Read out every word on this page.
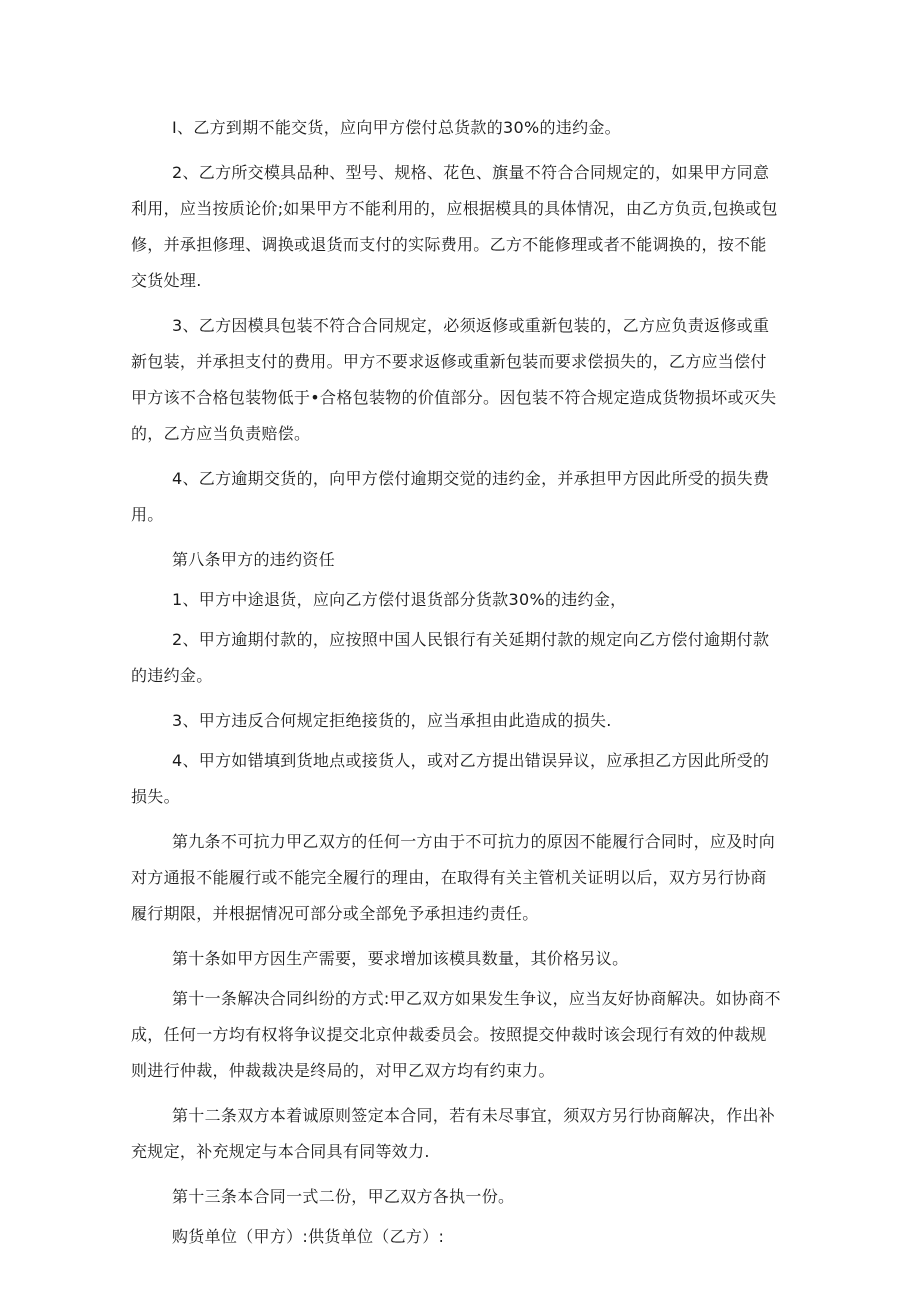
I、乙方到期不能交货，应向甲方偿付总货款的30%的违约金。

2、乙方所交模具品种、型号、规格、花色、旗量不符合合同规定的，如果甲方同意利用，应当按质论价;如果甲方不能利用的，应根据模具的具体情况，由乙方负贡,包换或包修，并承担修理、调换或退货而支付的实际费用。乙方不能修理或者不能调换的，按不能交货处理.

3、乙方因模具包装不符合合同规定，必须返修或重新包装的，乙方应负责返修或重新包装，并承担支付的费用。甲方不要求返修或重新包装而要求偿损失的，乙方应当偿付甲方该不合格包装物低于•合格包装物的价值部分。因包装不符合规定造成货物损坏或灭失的，乙方应当负责赔偿。

4、乙方逾期交货的，向甲方偿付逾期交觉的违约金，并承担甲方因此所受的损失费用。

第八条甲方的违约资任

1、甲方中途退货，应向乙方偿付退货部分货款30%的违约金，

2、甲方逾期付款的，应按照中国人民银行有关延期付款的规定向乙方偿付逾期付款的违约金。

3、甲方违反合何规定拒绝接货的，应当承担由此造成的损失.

4、甲方如错填到货地点或接货人，或对乙方提出错误异议，应承担乙方因此所受的损失。

第九条不可抗力甲乙双方的任何一方由于不可抗力的原因不能履行合同时，应及时向对方通报不能履行或不能完全履行的理由，在取得有关主管机关证明以后，双方另行协商履行期限，并根据情况可部分或全部免予承担违约责任。

第十条如甲方因生产需要，要求增加该模具数量，其价格另议。

第十一条解决合同纠纷的方式:甲乙双方如果发生争议，应当友好协商解决。如协商不成，任何一方均有权将争议提交北京仲裁委员会。按照提交仲裁时该会现行有效的仲裁规则进行仲裁，仲裁裁决是终局的，对甲乙双方均有约束力。

第十二条双方本着诚原则签定本合同，若有未尽事宜，须双方另行协商解决，作出补充规定，补充规定与本合同具有同等效力.

第十三条本合同一式二份，甲乙双方各执一份。

购货单位（甲方）:供货单位（乙方）:
